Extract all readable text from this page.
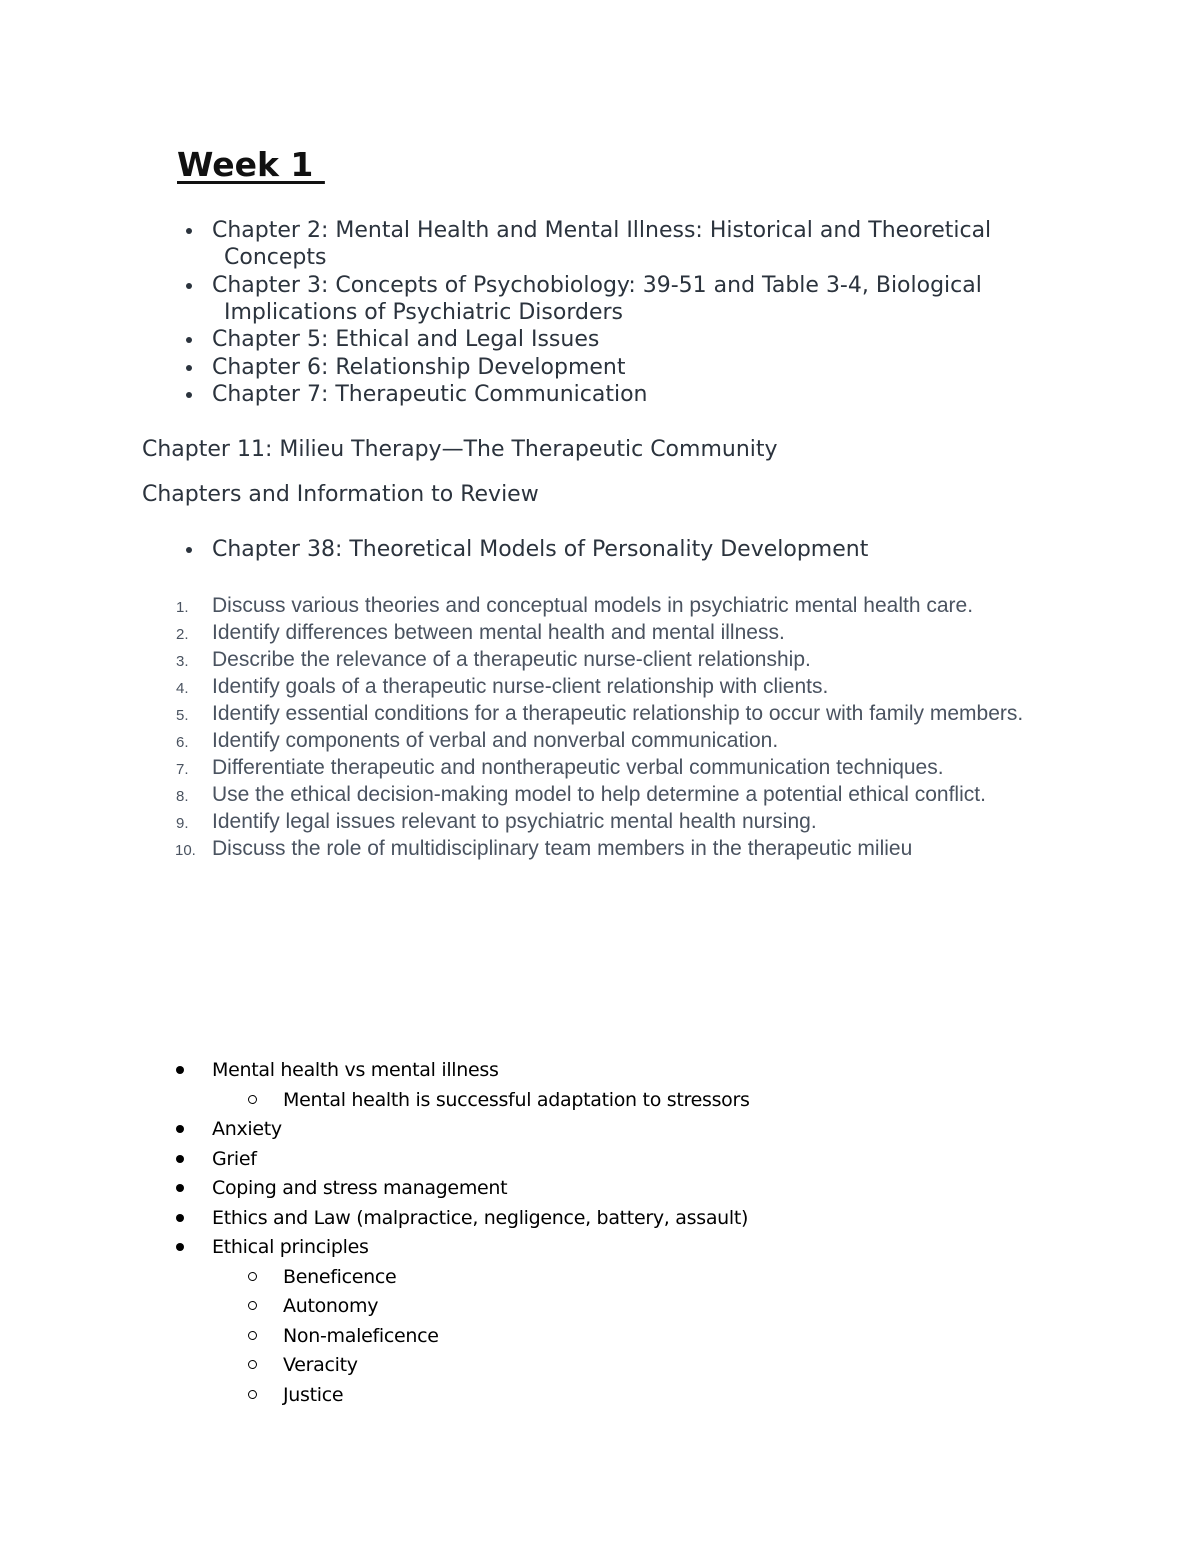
Week 1
Chapter 2: Mental Health and Mental Illness: Historical and Theoretical
Concepts
Chapter 3: Concepts of Psychobiology: 39-51 and Table 3-4, Biological
Implications of Psychiatric Disorders
Chapter 5: Ethical and Legal Issues
Chapter 6: Relationship Development
Chapter 7: Therapeutic Communication

Chapter 11: Milieu Therapy—The Therapeutic Community

Chapters and Information to Review

Chapter 38: Theoretical Models of Personality Development
1. Discuss various theories and conceptual models in psychiatric mental health care.
2. Identify differences between mental health and mental illness.
3. Describe the relevance of a therapeutic nurse-client relationship.
4. Identify goals of a therapeutic nurse-client relationship with clients.
5. Identify essential conditions for a therapeutic relationship to occur with family members.
6. Identify components of verbal and nonverbal communication.
7. Differentiate therapeutic and nontherapeutic verbal communication techniques.
8. Use the ethical decision-making model to help determine a potential ethical conflict.
9. Identify legal issues relevant to psychiatric mental health nursing.
10. Discuss the role of multidisciplinary team members in the therapeutic milieu
Mental health vs mental illness
Mental health is successful adaptation to stressors
Anxiety
Grief
Coping and stress management
Ethics and Law (malpractice, negligence, battery, assault)
Ethical principles
Beneficence
Autonomy
Non-maleficence
Veracity
Justice
